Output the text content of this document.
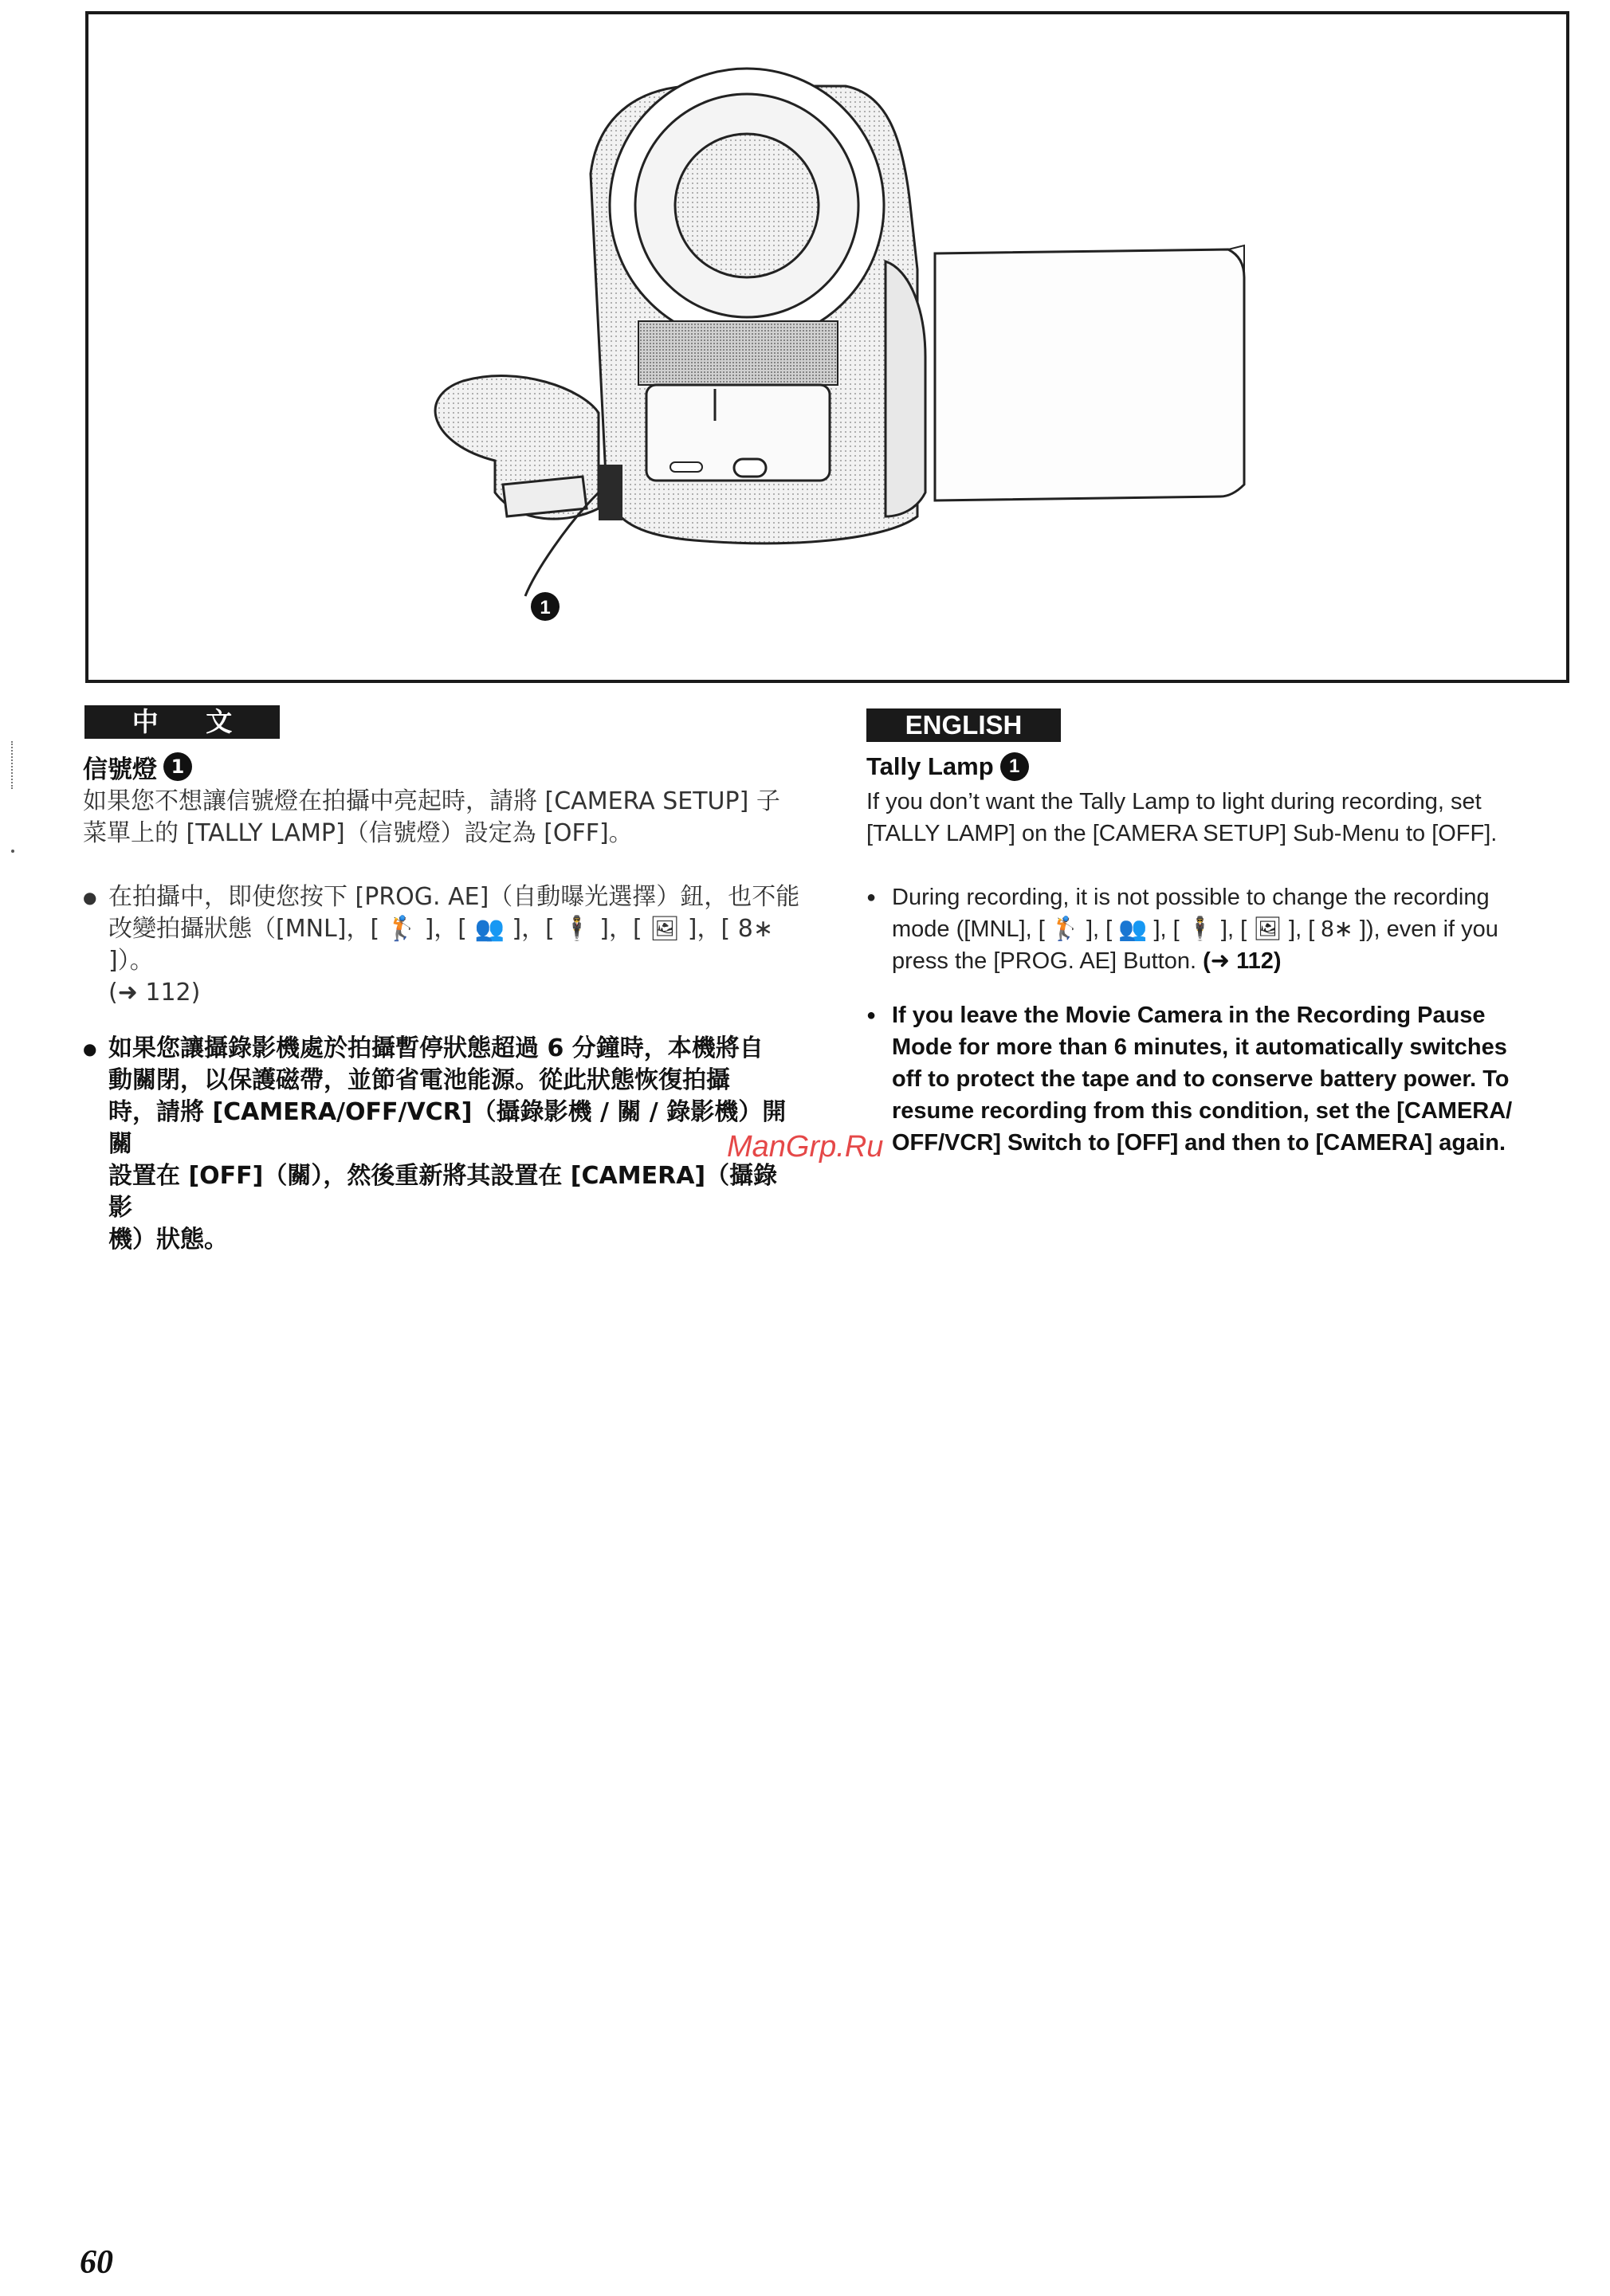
1
中 文	ENGLISH
信號燈 1
如果您不想讓信號燈在拍攝中亮起時，請將 [CAMERA SETUP] 子
菜單上的 [TALLY LAMP]（信號燈）設定為 [OFF]。
● 在拍攝中，即使您按下 [PROG. AE]（自動曝光選擇）鈕，也不能
改變拍攝狀態（[MNL]，[ 🏌 ]，[ 👥 ]，[ 🕴 ]，[ 🖼 ]，[ 8∗ ]）。
(➜ 112)
● 如果您讓攝錄影機處於拍攝暫停狀態超過 6 分鐘時，本機將自
動關閉，以保護磁帶，並節省電池能源。從此狀態恢復拍攝
時，請將 [CAMERA/OFF/VCR]（攝錄影機 / 關 / 錄影機）開關
設置在 [OFF]（關），然後重新將其設置在 [CAMERA]（攝錄影
機）狀態。
Tally Lamp 1
If you don’t want the Tally Lamp to light during recording, set
[TALLY LAMP] on the [CAMERA SETUP] Sub-Menu to [OFF].
● During recording, it is not possible to change the recording
mode ([MNL], [ 🏌 ], [ 👥 ], [ 🕴 ], [ 🖼 ], [ 8∗ ]), even if you
press the [PROG. AE] Button. (➜ 112)
● If you leave the Movie Camera in the Recording Pause
Mode for more than 6 minutes, it automatically switches
off to protect the tape and to conserve battery power. To
resume recording from this condition, set the [CAMERA/
OFF/VCR] Switch to [OFF] and then to [CAMERA] again.
ManGrp.Ru
60
